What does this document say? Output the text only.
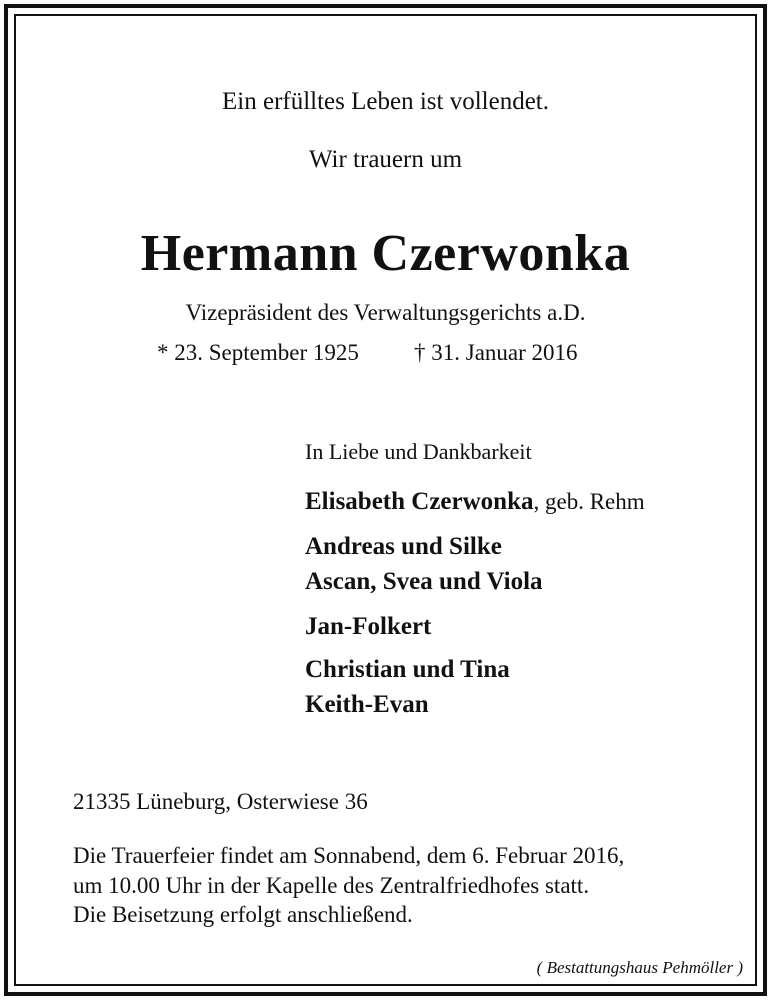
Ein erfülltes Leben ist vollendet.
Wir trauern um
Hermann Czerwonka
Vizepräsident des Verwaltungsgerichts a.D.
* 23. September 1925 † 31. Januar 2016
In Liebe und Dankbarkeit
Elisabeth Czerwonka, geb. Rehm
Andreas und Silke
Ascan, Svea und Viola
Jan-Folkert
Christian und Tina
Keith-Evan
21335 Lüneburg, Osterwiese 36
Die Trauerfeier findet am Sonnabend, dem 6. Februar 2016,
um 10.00 Uhr in der Kapelle des Zentralfriedhofes statt.
Die Beisetzung erfolgt anschließend.
( Bestattungshaus Pehmöller )
